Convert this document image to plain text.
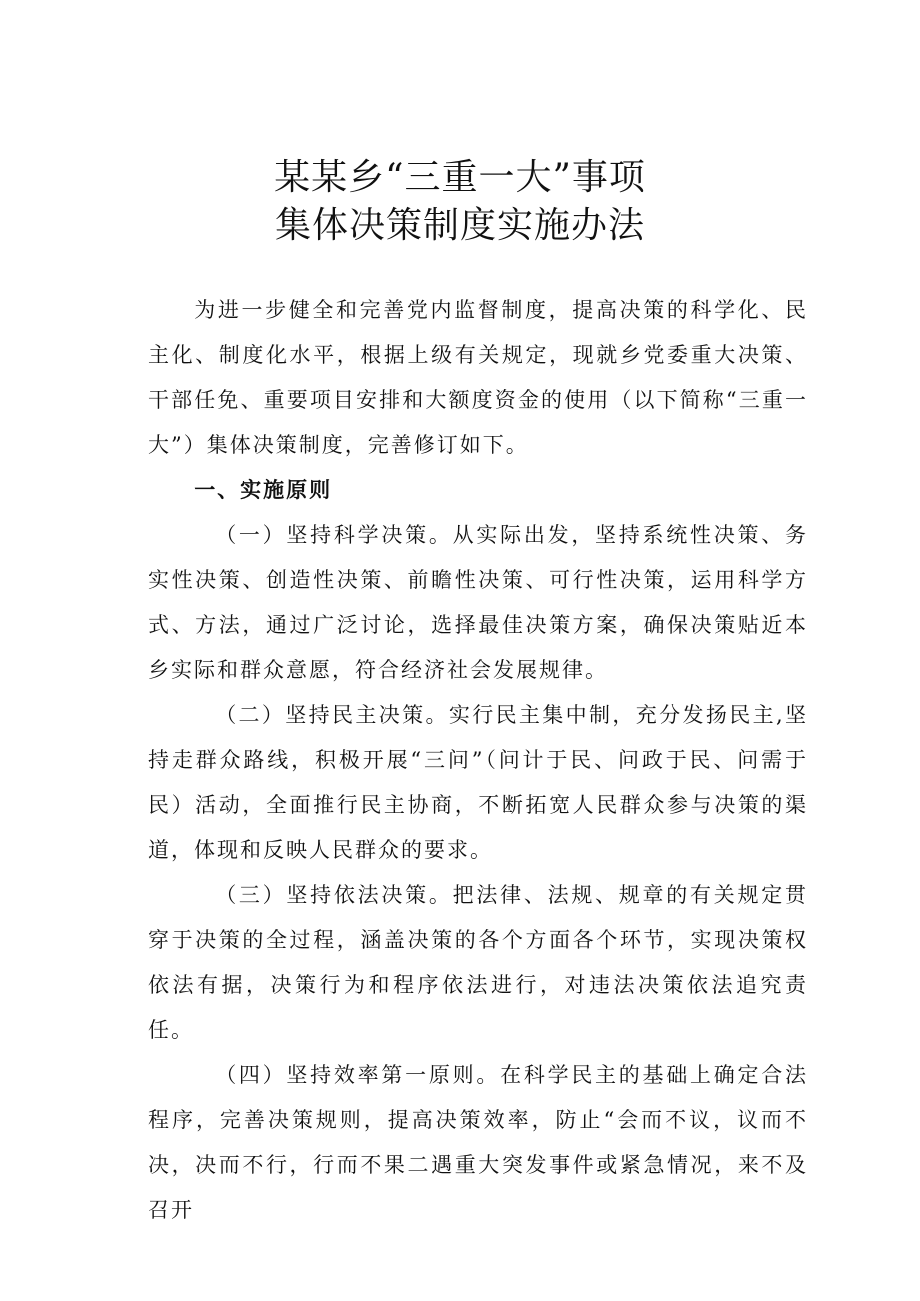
某某乡“三重一大”事项
集体决策制度实施办法

为进一步健全和完善党内监督制度，提高决策的科学化、民主化、制度化水平，根据上级有关规定，现就乡党委重大决策、干部任免、重要项目安排和大额度资金的使用（以下简称“三重一大”）集体决策制度，完善修订如下。

一、实施原则

（一）坚持科学决策。从实际出发，坚持系统性决策、务实性决策、创造性决策、前瞻性决策、可行性决策，运用科学方式、方法，通过广泛讨论，选择最佳决策方案，确保决策贴近本乡实际和群众意愿，符合经济社会发展规律。

（二）坚持民主决策。实行民主集中制，充分发扬民主,坚持走群众路线，积极开展“三问”（问计于民、问政于民、问需于民）活动，全面推行民主协商，不断拓宽人民群众参与决策的渠道，体现和反映人民群众的要求。

（三）坚持依法决策。把法律、法规、规章的有关规定贯穿于决策的全过程，涵盖决策的各个方面各个环节，实现决策权依法有据，决策行为和程序依法进行，对违法决策依法追究责任。

（四）坚持效率第一原则。在科学民主的基础上确定合法程序，完善决策规则，提高决策效率，防止“会而不议，议而不决，决而不行，行而不果二遇重大突发事件或紧急情况，来不及召开
